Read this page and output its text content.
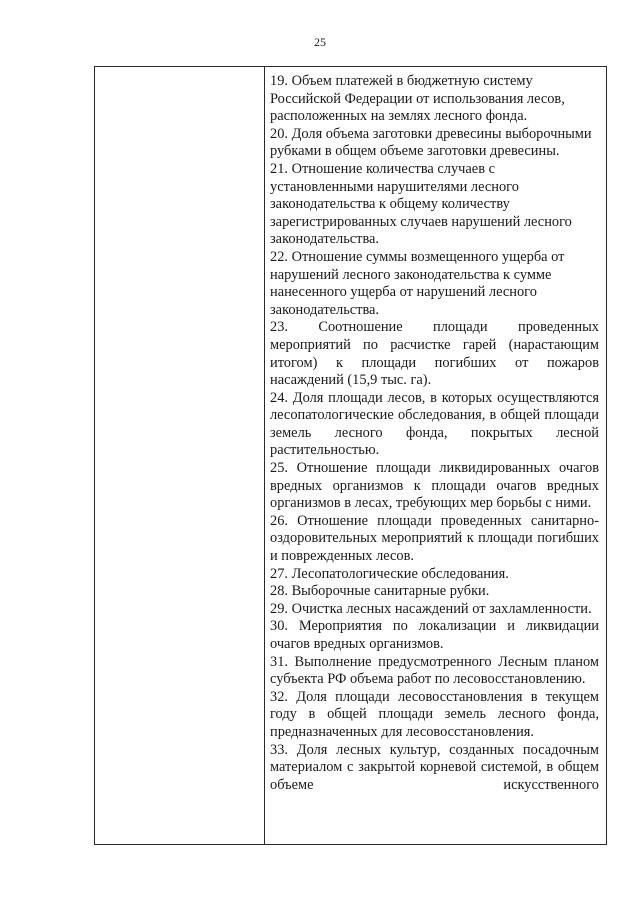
25

19. Объем платежей в бюджетную систему Российской Федерации от использования лесов, расположенных на землях лесного фонда.

20. Доля объема заготовки древесины выборочными рубками в общем объеме заготовки древесины.

21. Отношение количества случаев с установленными нарушителями лесного законодательства к общему количеству зарегистрированных случаев нарушений лесного законодательства.

22. Отношение суммы возмещенного ущерба от нарушений лесного законодательства к сумме нанесенного ущерба от нарушений лесного законодательства.

23. Соотношение площади проведенных мероприятий по расчистке гарей (нарастающим итогом) к площади погибших от пожаров насаждений (15,9 тыс. га).

24. Доля площади лесов, в которых осуществляются лесопатологические обследования, в общей площади земель лесного фонда, покрытых лесной растительностью.

25. Отношение площади ликвидированных очагов вредных организмов к площади очагов вредных организмов в лесах, требующих мер борьбы с ними.

26. Отношение площади проведенных санитарно-оздоровительных мероприятий к площади погибших и поврежденных лесов.

27. Лесопатологические обследования.

28. Выборочные санитарные рубки.

29. Очистка лесных насаждений от захламленности.

30. Мероприятия по локализации и ликвидации очагов вредных организмов.

31. Выполнение предусмотренного Лесным планом субъекта РФ объема работ по лесовосстановлению.

32. Доля площади лесовосстановления в текущем году в общей площади земель лесного фонда, предназначенных для лесовосстановления.

33. Доля лесных культур, созданных посадочным материалом с закрытой корневой системой, в общем объеме искусственного
